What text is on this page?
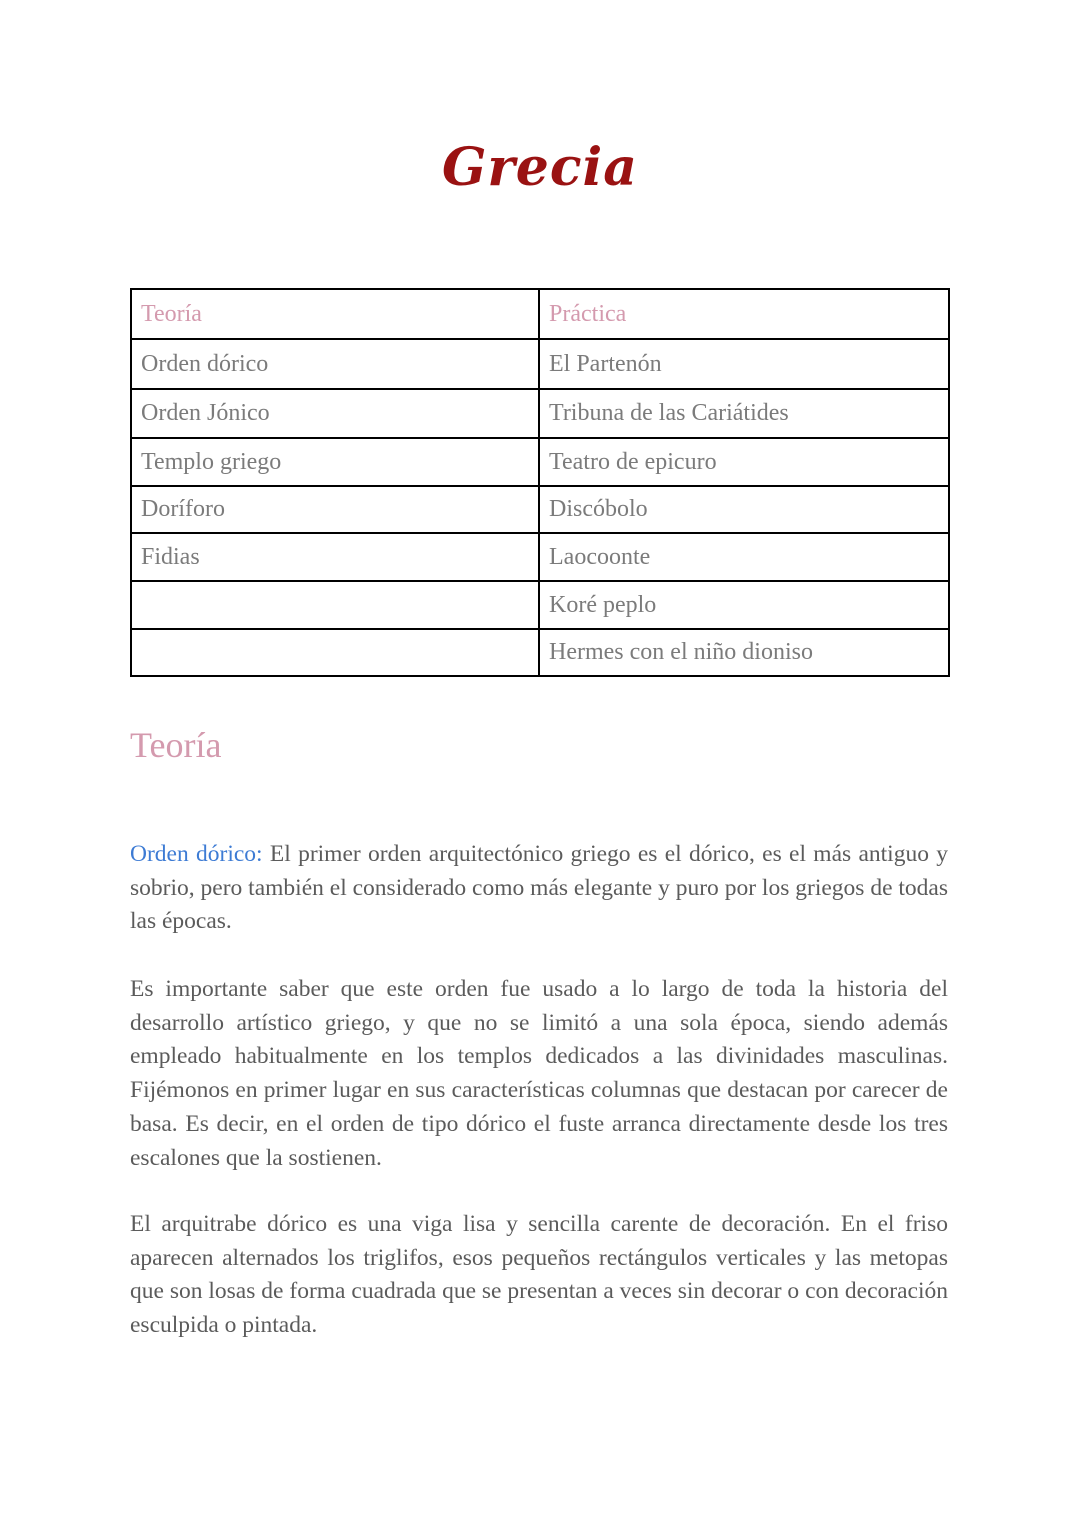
Grecia
Teoría	Práctica
Orden dórico	El Partenón
Orden Jónico	Tribuna de las Cariátides
Templo griego	Teatro de epicuro
Doríforo	Discóbolo
Fidias	Laocoonte
	Koré peplo
	Hermes con el niño dioniso
Teoría

Orden dórico: El primer orden arquitectónico griego es el dórico, es el más antiguo y sobrio, pero también el considerado como más elegante y puro por los griegos de todas las épocas.

Es importante saber que este orden fue usado a lo largo de toda la historia del desarrollo artístico griego, y que no se limitó a una sola época, siendo además empleado habitualmente en los templos dedicados a las divinidades masculinas. Fijémonos en primer lugar en sus características columnas que destacan por carecer de basa. Es decir, en el orden de tipo dórico el fuste arranca directamente desde los tres escalones que la sostienen.

El arquitrabe dórico es una viga lisa y sencilla carente de decoración. En el friso aparecen alternados los triglifos, esos pequeños rectángulos verticales y las metopas que son losas de forma cuadrada que se presentan a veces sin decorar o con decoración esculpida o pintada.
